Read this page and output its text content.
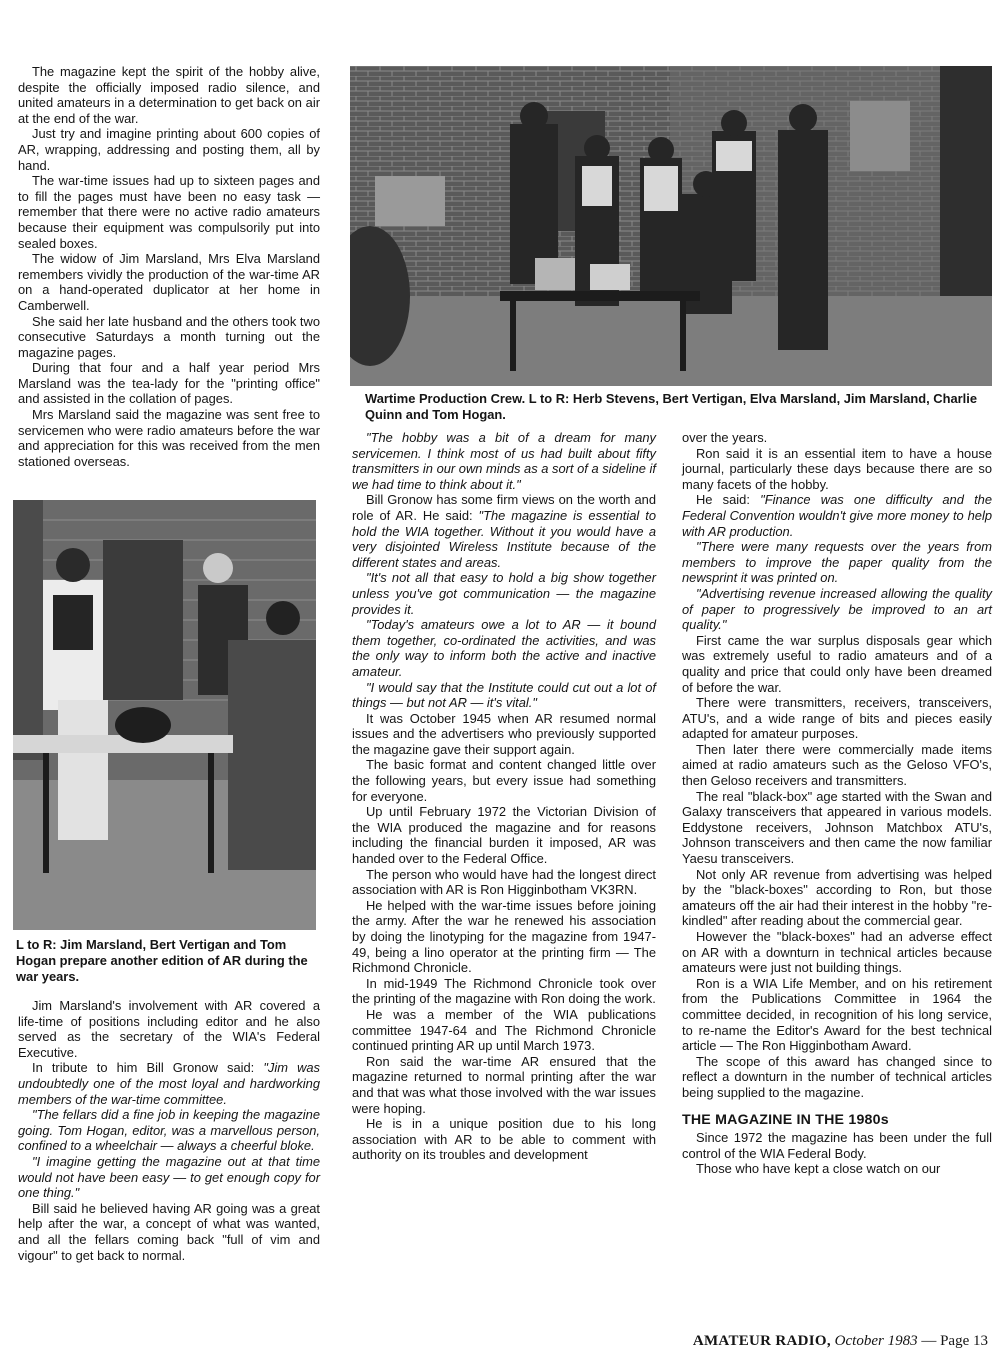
Wartime Production Crew. L to R: Herb Stevens, Bert Vertigan, Elva Marsland, Jim Marsland, Charlie Quinn and Tom Hogan.

The magazine kept the spirit of the hobby alive, despite the officially imposed radio silence, and united amateurs in a determination to get back on air at the end of the war.

Just try and imagine printing about 600 copies of AR, wrapping, addressing and posting them, all by hand.

The war-time issues had up to sixteen pages and to fill the pages must have been no easy task — remember that there were no active radio amateurs because their equipment was compulsorily put into sealed boxes.

The widow of Jim Marsland, Mrs Elva Marsland remembers vividly the production of the war-time AR on a hand-operated duplicator at her home in Camberwell.

She said her late husband and the others took two consecutive Saturdays a month turning out the magazine pages.

During that four and a half year period Mrs Marsland was the tea-lady for the "printing office" and assisted in the collation of pages.

Mrs Marsland said the magazine was sent free to servicemen who were radio amateurs before the war and appreciation for this was received from the men stationed overseas.

L to R: Jim Marsland, Bert Vertigan and Tom Hogan prepare another edition of AR during the war years.

Jim Marsland's involvement with AR covered a life-time of positions including editor and he also served as the secretary of the WIA's Federal Executive.

In tribute to him Bill Gronow said: "Jim was undoubtedly one of the most loyal and hardworking members of the war-time committee.

"The fellars did a fine job in keeping the magazine going. Tom Hogan, editor, was a marvellous person, confined to a wheelchair — always a cheerful bloke.

"I imagine getting the magazine out at that time would not have been easy — to get enough copy for one thing."

Bill said he believed having AR going was a great help after the war, a concept of what was wanted, and all the fellars coming back "full of vim and vigour" to get back to normal.

"The hobby was a bit of a dream for many servicemen. I think most of us had built about fifty transmitters in our own minds as a sort of a sideline if we had time to think about it."

Bill Gronow has some firm views on the worth and role of AR. He said: "The magazine is essential to hold the WIA together. Without it you would have a very disjointed Wireless Institute because of the different states and areas.

"It's not all that easy to hold a big show together unless you've got communication — the magazine provides it.

"Today's amateurs owe a lot to AR — it bound them together, co-ordinated the activities, and was the only way to inform both the active and inactive amateur.

"I would say that the Institute could cut out a lot of things — but not AR — it's vital."

It was October 1945 when AR resumed normal issues and the advertisers who previously supported the magazine gave their support again.

The basic format and content changed little over the following years, but every issue had something for everyone.

Up until February 1972 the Victorian Division of the WIA produced the magazine and for reasons including the financial burden it imposed, AR was handed over to the Federal Office.

The person who would have had the longest direct association with AR is Ron Higginbotham VK3RN.

He helped with the war-time issues before joining the army. After the war he renewed his association by doing the linotyping for the magazine from 1947-49, being a lino operator at the printing firm — The Richmond Chronicle.

In mid-1949 The Richmond Chronicle took over the printing of the magazine with Ron doing the work.

He was a member of the WIA publications committee 1947-64 and The Richmond Chronicle continued printing AR up until March 1973.

Ron said the war-time AR ensured that the magazine returned to normal printing after the war and that was what those involved with the war issues were hoping.

He is in a unique position due to his long association with AR to be able to comment with authority on its troubles and development

over the years.

Ron said it is an essential item to have a house journal, particularly these days because there are so many facets of the hobby.

He said: "Finance was one difficulty and the Federal Convention wouldn't give more money to help with AR production.

"There were many requests over the years from members to improve the paper quality from the newsprint it was printed on.

"Advertising revenue increased allowing the quality of paper to progressively be improved to an art quality."

First came the war surplus disposals gear which was extremely useful to radio amateurs and of a quality and price that could only have been dreamed of before the war.

There were transmitters, receivers, transceivers, ATU's, and a wide range of bits and pieces easily adapted for amateur purposes.

Then later there were commercially made items aimed at radio amateurs such as the Geloso VFO's, then Geloso receivers and transmitters.

The real "black-box" age started with the Swan and Galaxy transceivers that appeared in various models. Eddystone receivers, Johnson Matchbox ATU's, Johnson transceivers and then came the now familiar Yaesu transceivers.

Not only AR revenue from advertising was helped by the "black-boxes" according to Ron, but those amateurs off the air had their interest in the hobby "re-kindled" after reading about the commercial gear.

However the "black-boxes" had an adverse effect on AR with a downturn in technical articles because amateurs were just not building things.

Ron is a WIA Life Member, and on his retirement from the Publications Committee in 1964 the committee decided, in recognition of his long service, to re-name the Editor's Award for the best technical article — The Ron Higginbotham Award.

The scope of this award has changed since to reflect a downturn in the number of technical articles being supplied to the magazine.

THE MAGAZINE IN THE 1980s

Since 1972 the magazine has been under the full control of the WIA Federal Body.

Those who have kept a close watch on our

AMATEUR RADIO, October 1983 — Page 13
